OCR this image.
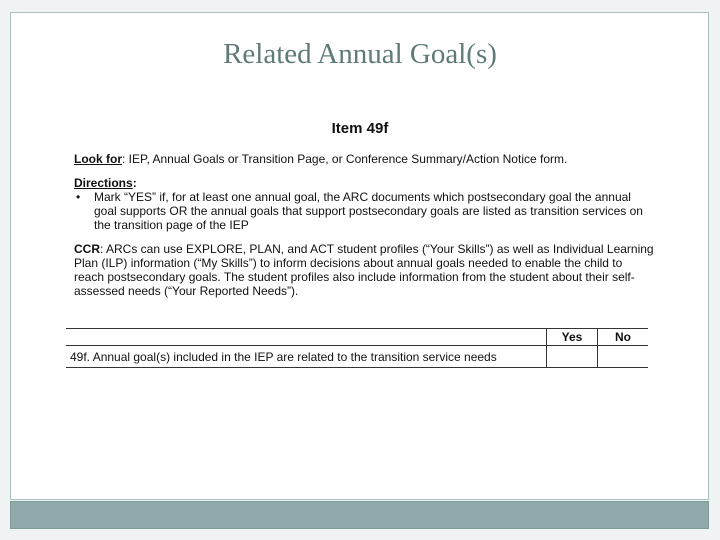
Related Annual Goal(s)
Item 49f

Look for: IEP, Annual Goals or Transition Page, or Conference Summary/Action Notice form.

Directions:
•	Mark “YES” if, for at least one annual goal, the ARC documents which postsecondary goal the annual goal supports OR the annual goals that support postsecondary goals are listed as transition services on the transition page of the IEP

CCR: ARCs can use EXPLORE, PLAN, and ACT student profiles (“Your Skills”) as well as Individual Learning Plan (ILP) information (“My Skills”) to inform decisions about annual goals needed to enable the child to reach postsecondary goals. The student profiles also include information from the student about their self-assessed needs (“Your Reported Needs”).

	Yes	No
49f. Annual goal(s) included in the IEP are related to the transition service needs		
